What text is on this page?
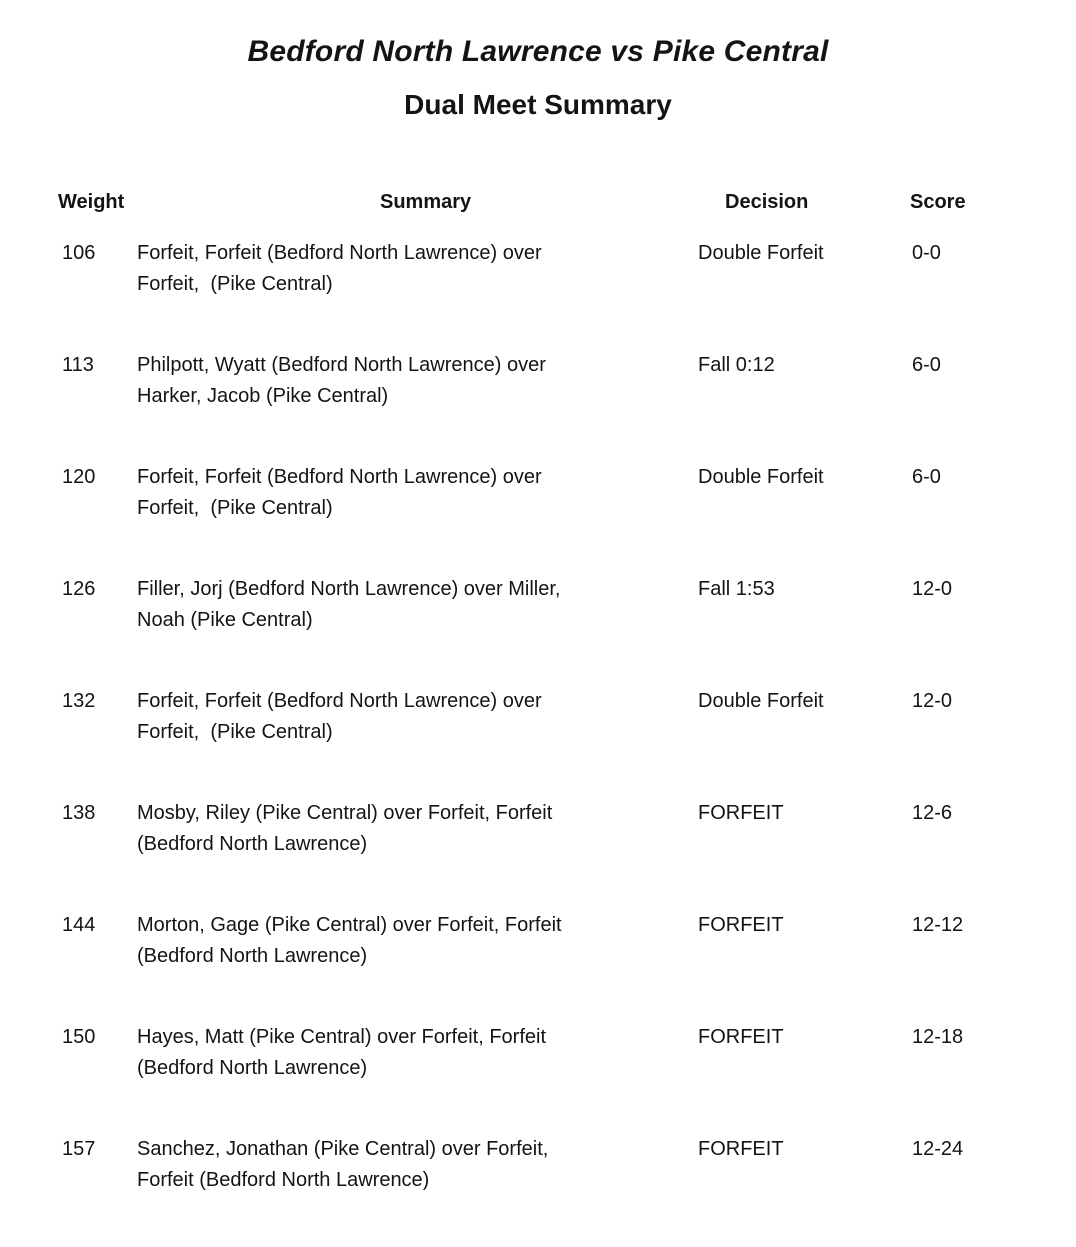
Bedford North Lawrence vs Pike Central
Dual Meet Summary
Weight	Summary	Decision	Score
106 Forfeit, Forfeit (Bedford North Lawrence) over
Forfeit,  (Pike Central)
Double Forfeit	0-0
113 Philpott, Wyatt (Bedford North Lawrence) over
Harker, Jacob (Pike Central)
Fall 0:12	6-0
120 Forfeit, Forfeit (Bedford North Lawrence) over
Forfeit,  (Pike Central)
Double Forfeit	6-0
126 Filler, Jorj (Bedford North Lawrence) over Miller,
Noah (Pike Central)
Fall 1:53	12-0
132 Forfeit, Forfeit (Bedford North Lawrence) over
Forfeit,  (Pike Central)
Double Forfeit	12-0
138 Mosby, Riley (Pike Central) over Forfeit, Forfeit
(Bedford North Lawrence)
FORFEIT	12-6
144 Morton, Gage (Pike Central) over Forfeit, Forfeit
(Bedford North Lawrence)
FORFEIT	12-12
150 Hayes, Matt (Pike Central) over Forfeit, Forfeit
(Bedford North Lawrence)
FORFEIT	12-18
157 Sanchez, Jonathan (Pike Central) over Forfeit,
Forfeit (Bedford North Lawrence)
FORFEIT	12-24
